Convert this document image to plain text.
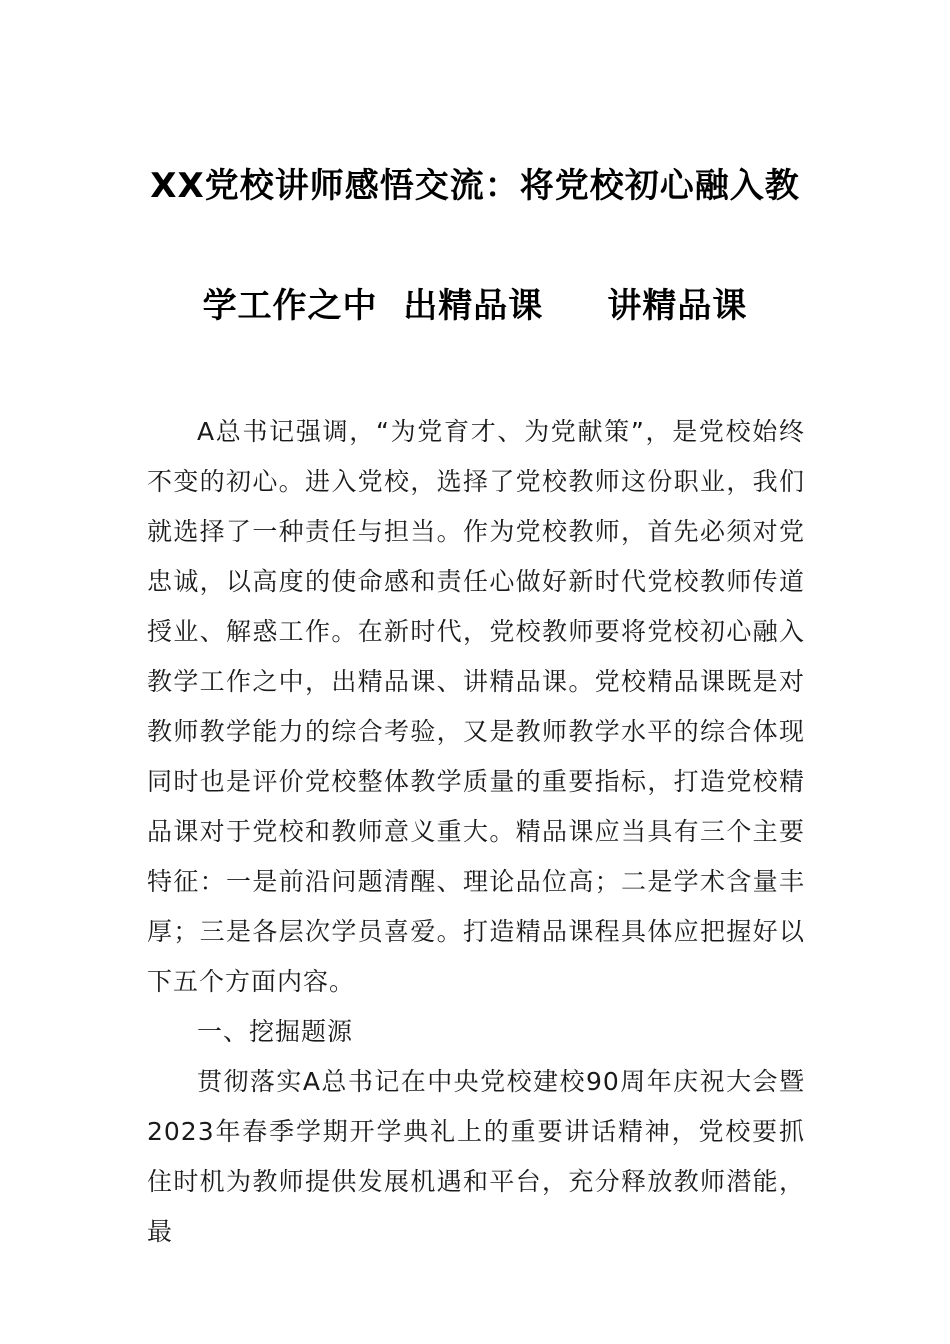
XX党校讲师感悟交流：将党校初心融入教
学工作之中  出精品课     讲精品课

A总书记强调，“为党育才、为党献策”，是党校始终不变的初心。进入党校，选择了党校教师这份职业，我们就选择了一种责任与担当。作为党校教师，首先必须对党忠诚，以高度的使命感和责任心做好新时代党校教师传道授业、解惑工作。在新时代，党校教师要将党校初心融入教学工作之中，出精品课、讲精品课。党校精品课既是对教师教学能力的综合考验，又是教师教学水平的综合体现同时也是评价党校整体教学质量的重要指标，打造党校精品课对于党校和教师意义重大。精品课应当具有三个主要特征：一是前沿问题清醒、理论品位高；二是学术含量丰厚；三是各层次学员喜爱。打造精品课程具体应把握好以下五个方面内容。

一、挖掘题源

贯彻落实A总书记在中央党校建校90周年庆祝大会暨2023年春季学期开学典礼上的重要讲话精神，党校要抓住时机为教师提供发展机遇和平台，充分释放教师潜能，最
